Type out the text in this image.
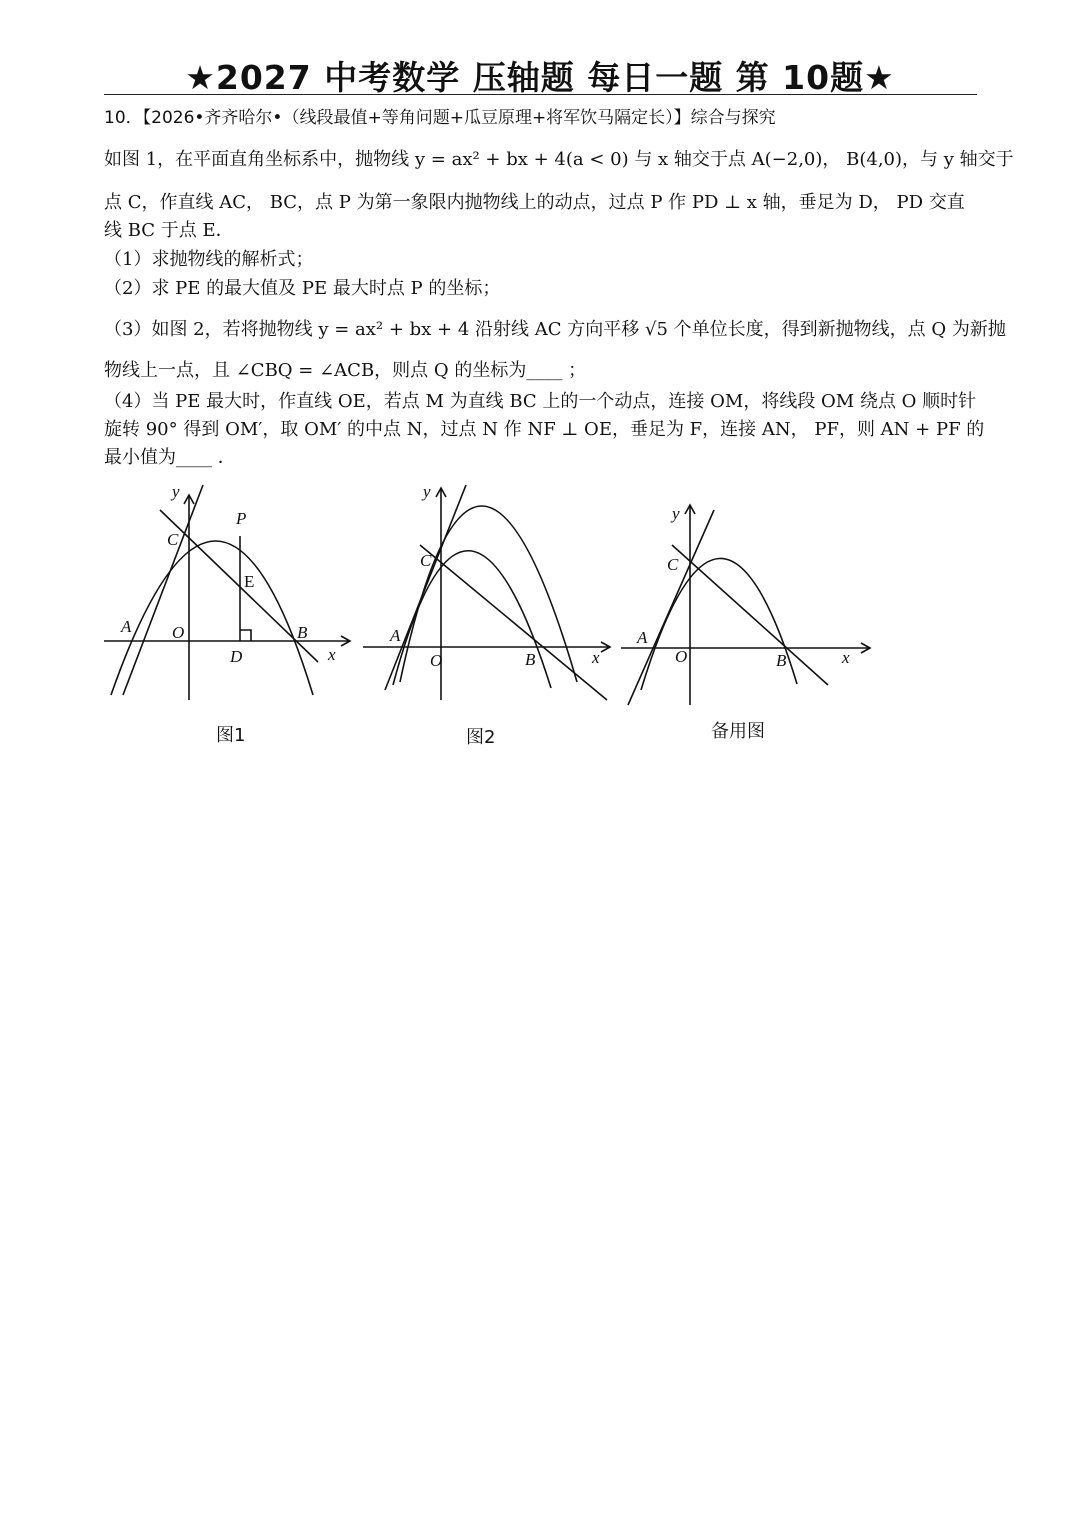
★2027 中考数学 压轴题 每日一题 第 10题★
10．【2026•齐齐哈尔•（线段最值+等角问题+瓜豆原理+将军饮马隔定长）】综合与探究
如图 1，在平面直角坐标系中，抛物线 y = ax² + bx + 4(a < 0) 与 x 轴交于点 A(−2,0)， B(4,0)，与 y 轴交于
点 C，作直线 AC， BC，点 P 为第一象限内抛物线上的动点，过点 P 作 PD ⊥ x 轴，垂足为 D， PD 交直
线 BC 于点 E．
（1）求抛物线的解析式；
（2）求 PE 的最大值及 PE 最大时点 P 的坐标；
（3）如图 2，若将抛物线 y = ax² + bx + 4 沿射线 AC 方向平移 √5 个单位长度，得到新抛物线，点 Q 为新抛
物线上一点，且 ∠CBQ = ∠ACB，则点 Q 的坐标为____ ；
（4）当 PE 最大时，作直线 OE，若点 M 为直线 BC 上的一个动点，连接 OM，将线段 OM 绕点 O 顺时针
旋转 90° 得到 OM′，取 OM′ 的中点 N，过点 N 作 NF ⊥ OE，垂足为 F，连接 AN， PF，则 AN + PF 的
最小值为____ ．
y
x
P
C
E
A O	B
D
y
x
C
A
O	B
y
x
C
A
O	B
图1	图2	备用图
